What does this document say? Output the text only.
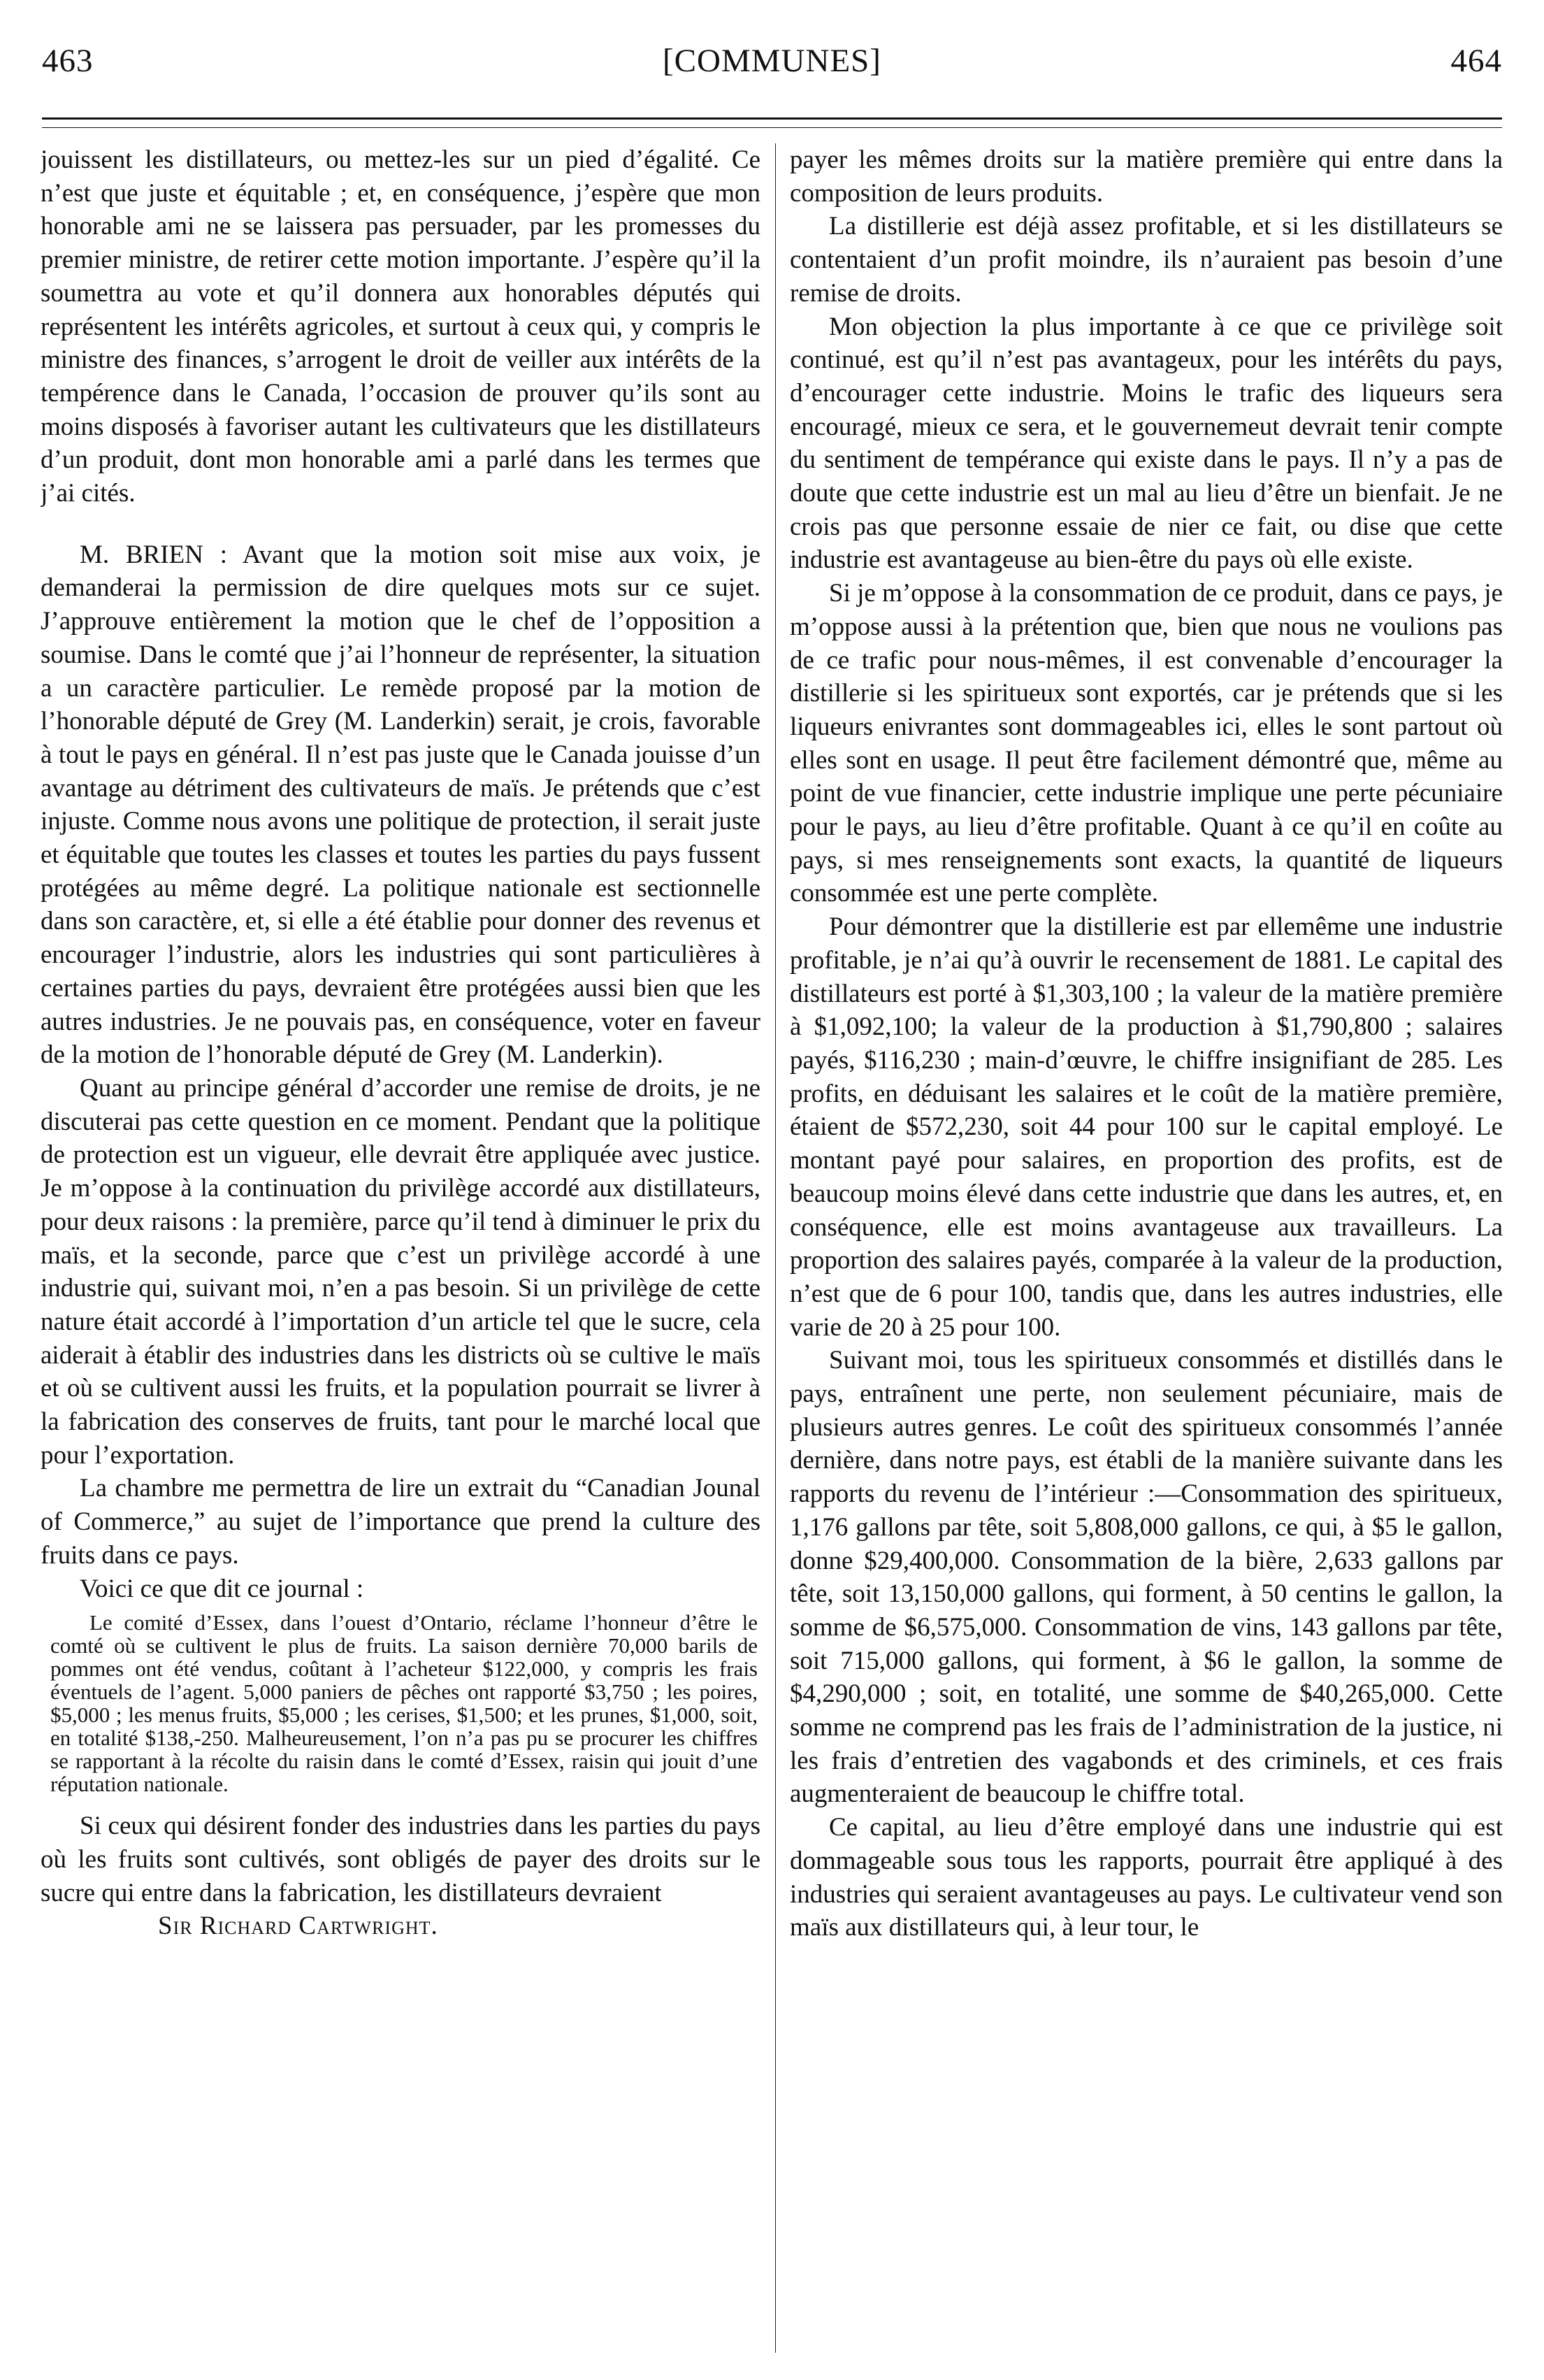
463	[COMMUNES]	464

jouissent les distillateurs, ou mettez-les sur un pied d’égalité. Ce n’est que juste et équitable ; et, en conséquence, j’espère que mon honorable ami ne se laissera pas persuader, par les promesses du premier ministre, de retirer cette motion importante. J’espère qu’il la soumettra au vote et qu’il donnera aux honorables députés qui représentent les intérêts agricoles, et surtout à ceux qui, y compris le ministre des finances, s’arrogent le droit de veiller aux intérêts de la tempérence dans le Canada, l’occasion de prouver qu’ils sont au moins disposés à favoriser autant les cultivateurs que les distillateurs d’un produit, dont mon honorable ami a parlé dans les termes que j’ai cités.

M. BRIEN : Avant que la motion soit mise aux voix, je demanderai la permission de dire quelques mots sur ce sujet. J’approuve entièrement la motion que le chef de l’opposition a soumise. Dans le comté que j’ai l’honneur de représenter, la situation a un caractère particulier. Le remède proposé par la motion de l’honorable député de Grey (M. Landerkin) serait, je crois, favorable à tout le pays en général. Il n’est pas juste que le Canada jouisse d’un avantage au détriment des cultivateurs de maïs. Je prétends que c’est injuste. Comme nous avons une politique de protection, il serait juste et équitable que toutes les classes et toutes les parties du pays fussent protégées au même degré. La politique nationale est sectionnelle dans son caractère, et, si elle a été établie pour donner des revenus et encourager l’industrie, alors les industries qui sont particulières à certaines parties du pays, devraient être protégées aussi bien que les autres industries. Je ne pouvais pas, en conséquence, voter en faveur de la motion de l’honorable député de Grey (M. Landerkin).

Quant au principe général d’accorder une remise de droits, je ne discuterai pas cette question en ce moment. Pendant que la politique de protection est un vigueur, elle devrait être appliquée avec justice. Je m’oppose à la continuation du privilège accordé aux distillateurs, pour deux raisons : la première, parce qu’il tend à diminuer le prix du maïs, et la seconde, parce que c’est un privilège accordé à une industrie qui, suivant moi, n’en a pas besoin. Si un privilège de cette nature était accordé à l’importation d’un article tel que le sucre, cela aiderait à établir des industries dans les districts où se cultive le maïs et où se cultivent aussi les fruits, et la population pourrait se livrer à la fabrication des conserves de fruits, tant pour le marché local que pour l’exportation.

La chambre me permettra de lire un extrait du “Canadian Jounal of Commerce,” au sujet de l’importance que prend la culture des fruits dans ce pays.

Voici ce que dit ce journal :

Le comité d’Essex, dans l’ouest d’Ontario, réclame l’honneur d’être le comté où se cultivent le plus de fruits. La saison dernière 70,000 barils de pommes ont été vendus, coûtant à l’acheteur $122,000, y compris les frais éventuels de l’agent. 5,000 paniers de pêches ont rapporté $3,750 ; les poires, $5,000 ; les menus fruits, $5,000 ; les cerises, $1,500; et les prunes, $1,000, soit, en totalité $138,-250. Malheureusement, l’on n’a pas pu se procurer les chiffres se rapportant à la récolte du raisin dans le comté d’Essex, raisin qui jouit d’une réputation nationale.

Si ceux qui désirent fonder des industries dans les parties du pays où les fruits sont cultivés, sont obligés de payer des droits sur le sucre qui entre dans la fabrication, les distillateurs devraient

Sir Richard Cartwright.

payer les mêmes droits sur la matière première qui entre dans la composition de leurs produits.

La distillerie est déjà assez profitable, et si les distillateurs se contentaient d’un profit moindre, ils n’auraient pas besoin d’une remise de droits.

Mon objection la plus importante à ce que ce privilège soit continué, est qu’il n’est pas avantageux, pour les intérêts du pays, d’encourager cette industrie. Moins le trafic des liqueurs sera encouragé, mieux ce sera, et le gouvernemeut devrait tenir compte du sentiment de tempérance qui existe dans le pays. Il n’y a pas de doute que cette industrie est un mal au lieu d’être un bienfait. Je ne crois pas que personne essaie de nier ce fait, ou dise que cette industrie est avantageuse au bien-être du pays où elle existe.

Si je m’oppose à la consommation de ce produit, dans ce pays, je m’oppose aussi à la prétention que, bien que nous ne voulions pas de ce trafic pour nous-mêmes, il est convenable d’encourager la distillerie si les spiritueux sont exportés, car je prétends que si les liqueurs enivrantes sont dommageables ici, elles le sont partout où elles sont en usage. Il peut être facilement démontré que, même au point de vue financier, cette industrie implique une perte pécuniaire pour le pays, au lieu d’être profitable. Quant à ce qu’il en coûte au pays, si mes renseignements sont exacts, la quantité de liqueurs consommée est une perte complète.

Pour démontrer que la distillerie est par ellemême une industrie profitable, je n’ai qu’à ouvrir le recensement de 1881. Le capital des distillateurs est porté à $1,303,100 ; la valeur de la matière première à $1,092,100; la valeur de la production à $1,790,800 ; salaires payés, $116,230 ; main-d’œuvre, le chiffre insignifiant de 285. Les profits, en déduisant les salaires et le coût de la matière première, étaient de $572,230, soit 44 pour 100 sur le capital employé. Le montant payé pour salaires, en proportion des profits, est de beaucoup moins élevé dans cette industrie que dans les autres, et, en conséquence, elle est moins avantageuse aux travailleurs. La proportion des salaires payés, comparée à la valeur de la production, n’est que de 6 pour 100, tandis que, dans les autres industries, elle varie de 20 à 25 pour 100.

Suivant moi, tous les spiritueux consommés et distillés dans le pays, entraînent une perte, non seulement pécuniaire, mais de plusieurs autres genres. Le coût des spiritueux consommés l’année dernière, dans notre pays, est établi de la manière suivante dans les rapports du revenu de l’intérieur :—Consommation des spiritueux, 1,176 gallons par tête, soit 5,808,000 gallons, ce qui, à $5 le gallon, donne $29,400,000. Consommation de la bière, 2,633 gallons par tête, soit 13,150,000 gallons, qui forment, à 50 centins le gallon, la somme de $6,575,000. Consommation de vins, 143 gallons par tête, soit 715,000 gallons, qui forment, à $6 le gallon, la somme de $4,290,000 ; soit, en totalité, une somme de $40,265,000. Cette somme ne comprend pas les frais de l’administration de la justice, ni les frais d’entretien des vagabonds et des criminels, et ces frais augmenteraient de beaucoup le chiffre total.

Ce capital, au lieu d’être employé dans une industrie qui est dommageable sous tous les rapports, pourrait être appliqué à des industries qui seraient avantageuses au pays. Le cultivateur vend son maïs aux distillateurs qui, à leur tour, le
